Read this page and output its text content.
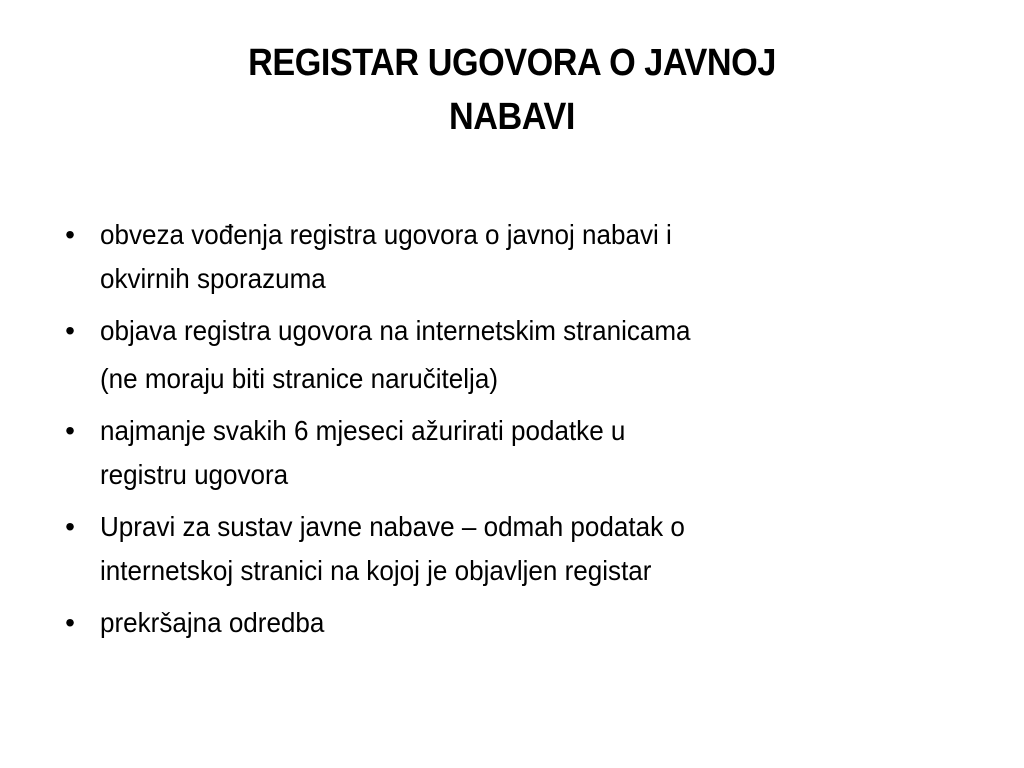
REGISTAR UGOVORA O JAVNOJ
NABAVI
• obveza vođenja registra ugovora o javnoj nabavi i
okvirnih sporazuma
• objava registra ugovora na internetskim stranicama
(ne moraju biti stranice naručitelja)
• najmanje svakih 6 mjeseci ažurirati podatke u
registru ugovora
• Upravi za sustav javne nabave – odmah podatak o
internetskoj stranici na kojoj je objavljen registar
• prekršajna odredba
